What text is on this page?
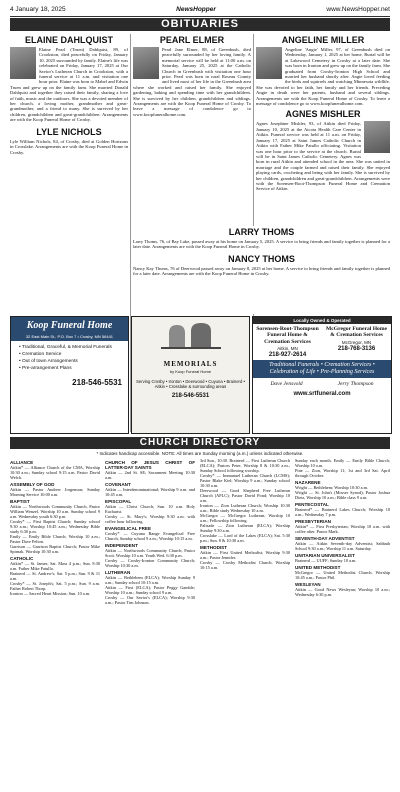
4 January 18, 2025	NewsHopper	www.NewsHopper.net
OBITUARIES
ELAINE DAHLQUIST
Elaine Pearl (Truen) Dahlquist, 89, of Crookston, died peacefully on Friday, January 10, 2025 surrounded by family. Elaine's life was celebrated on Friday, January 17, 2025 at Our Savior's Lutheran Church in Crookston, with a funeral service at 11 a.m. and visitation one hour prior. Elaine was born to Mabel and Edwin Truen and grew up on the family farm. She married Donald Dahlquist and together they raised their family, sharing a love of faith, music and the outdoors. She was a devoted member of her church, a loving mother, grandmother and great-grandmother, and a friend to many. She is survived by her children, grandchildren and great-grandchildren. Arrangements are with the Koop Funeral Home of Crosby.
LYLE NICHOLS
Lyle William Nichols, 84, of Crosby, died at Golden Horizons in Crosslake. Arrangements are with the Koop Funeral Home in Crosby.
PEARL ELMER
Pearl Jane Elmer, 88, of Greenbush, died peacefully surrounded by her loving family. A memorial service will be held at 11:00 a.m. on Saturday, January 25, 2025 at the Catholic Church in Greenbush with visitation one hour prior. Pearl was born in rural Roseau County and lived most of her life in the Greenbush area where she worked and raised her family. She enjoyed gardening, baking and spending time with her grandchildren. She is survived by her children, grandchildren and siblings. Arrangements are with the Koop Funeral Home of Crosby. To leave a message of condolence go to www.koopfuneralhome.com.
ANGELINE MILLER
Angeline 'Angie' Miller, 97, of Greenbush died on Wednesday, January 1, 2025 at her home. Burial will be at Lakewood Cemetery in Crosby at a later date. She was born in Ironton and grew up on the family farm. She graduated from Crosby-Ironton High School and married her husband shortly after. Angie loved feeding the birds and squirrels and watching Minnesota wildlife. She was devoted to her faith, her family and her friends. Preceding Angie in death were her parents, husband and several siblings. Arrangements are with the Koop Funeral Home of Crosby. To leave a message of condolence go to www.koopfuneralhome.com.
AGNES MISHLER
Agnes Josephine Mishler, 93, of Aitkin died Friday, January 10, 2025 at the Aicota Health Care Center in Aitkin. Funeral service was held at 11 a.m. on Friday, January 17, 2025 at Saint James Catholic Church in Aitkin with Father Mike Patullo officiating. Visitation was one hour prior to the service at the church. Burial will be in Saint James Catholic Cemetery. Agnes was born in rural Aitkin and attended school in the area. She was united in marriage and the couple farmed and raised their family. She enjoyed playing cards, crocheting and being with her family. She is survived by her children, grandchildren and great-grandchildren. Arrangements were with the Sorensen-Root-Thompson Funeral Home and Cremation Service of Aitkin.
LARRY THOMS
Larry Thoms, 76, of Bay Lake, passed away at his home on January 5, 2025. A service to bring friends and family together is planned for a later date. Arrangements are with the Koop Funeral Home in Crosby.
NANCY THOMS
Nancy Kay Thoms, 76 of Deerwood passed away on January 8, 2025 at her home. A service to bring friends and family together is planned for a later date. Arrangements are with the Koop Funeral Home in Crosby.
Koop Funeral Home
32 East Main St., P.O. Box 7 • Crosby, MN 56441
• Traditional, Graceful, & Memorial Funerals
• Cremation Service
• Out of town Arrangements
• Pre-arrangement Plans
218-546-5531
MEMORIALS
by Koop Funeral Home
Serving Crosby • Ironton • Deerwood • Cuyuna • Brainerd • Aitkin • Crosslake & surrounding areas
218-546-5531
Locally Owned & Operated
Sorensen-Root-Thompson Funeral Home & Cremation Services
Aitkin, MN
218-927-2614
McGregor Funeral Home & Cremation Services
McGregor, MN
218-768-3136
Traditional Funerals • Cremation Services • Celebration of Life • Pre-Planning Services
Dave Jensvold	Jerry Thompson
www.srtfuneral.com
CHURCH DIRECTORY
* Indicates handicap accessible. NOTE: All times are Sunday morning (a.m.) unless indicated otherwise.
ALLIANCE

Aitkin* — Alliance Church of the CMA, Worship 10:30 a.m.; Sunday school 9:15 a.m. Pastor David Welch.

ASSEMBLY OF GOD

Aitkin — Pastor Andrew Jorgenson; Sunday Morning Service 10:00 a.m.

BAPTIST

Aitkin — Northwoods Community Church, Pastor William Wenzel. Worship 10 a.m. Sunday school 9 a.m. Wednesday youth 6:30 p.m.

Crosby* — First Baptist Church; Sunday school 9:30 a.m.; Worship 10:45 a.m.; Wednesday Bible study 6:30 p.m.

Emily — Emily Bible Church; Worship 10 a.m.; Pastor Dave Pelton.

Garrison — Garrison Baptist Church; Pastor Mike Spirnak. Worship 10:30 a.m.

CATHOLIC

Aitkin* — St. James; Sat. Mass 4 p.m.; Sun. 8:30 a.m. Father Mike Patullo.

Brainerd — St. Andrew's; Sat. 5 p.m.; Sun. 9 & 11 a.m.

Crosby* — St. Joseph's; Sat. 5 p.m.; Sun. 9 a.m. Father Robert Thorp.

Ironton — Sacred Heart Mission; Sun. 10 a.m.

CHURCH OF JESUS CHRIST OF LATTER-DAY SAINTS

Aitkin — 2nd St. SE; Sacrament Meeting 10:30 a.m.

COVENANT

Aitkin — Interdenominational; Worship 9 a.m. and 10:45 a.m.

EPISCOPAL

Aitkin — Christ Church; Sun. 10 a.m. Holy Eucharist.

Crosby — St. Mary's; Worship 9:30 a.m. with coffee hour following.

EVANGELICAL FREE

Crosby* — Cuyuna Range Evangelical Free Church; Sunday school 9 a.m.; Worship 10:15 a.m.

INDEPENDENT

Aitkin — Northwoods Community Church; Pastor Scott. Worship 10 a.m. Youth Wed. 6:30 p.m.

Crosby — Crosby-Ironton Community Church; Worship 10:30 a.m.

LUTHERAN

Aitkin — Bethlehem (ELCA); Worship Sunday 9 a.m.; Sunday school 10:15 a.m.

Aitkin — First (ELCA); Pastor Peggy Gamble; Worship 10 a.m.; Sunday school 9 a.m.

Crosby — Our Savior's (ELCA); Worship 9:30 a.m.; Pastor Tim Johnson.

3rd Sun., 10:30. Brainerd — First Lutheran Church (ELCA); Pastors Peter, Worship 8 & 10:30 a.m.; Sunday School following worship.

Crosby* — Immanuel Lutheran Church (LCMS); Pastor Blake Kiel; Worship 9 a.m.; Sunday school 10:30 a.m.

Deerwood — Good Shepherd Free Lutheran Church (AFLC); Pastor David Pond; Worship 10 a.m.

Ironton — Zion Lutheran Church; Worship 10:30 a.m.; Bible study Wednesday 10 a.m.

McGregor — McGregor Lutheran; Worship 10 a.m.; Fellowship following.

Palisade — Zion Lutheran (ELCA); Worship Sunday 9:30 a.m.

Crosslake — Lord of the Lakes (ELCA); Sat. 5:30 p.m.; Sun. 8 & 10:30 a.m.

METHODIST

Aitkin — First United Methodist; Worship 9:30 a.m.; Pastor Jennifer.

Crosby — Crosby Methodist Church; Worship 10:15 a.m.

Sunday each month. Emily — Emily Bible Church; Worship 10 a.m.

Pine — Zion, Worship 11; 1st and 3rd Sat. April through October.

NAZARENE

Wright — Bethlehem; Worship 10:30 a.m.

Wright — St. John's (Mosser Synod); Pastor Joshua Dietz, Worship 10 a.m.; Bible class 9 a.m.

PENTECOSTAL

Brainerd* — Brainerd Lakes Church; Worship 10 a.m.; Wednesday 7 p.m.

PRESBYTERIAN

Aitkin* — First Presbyterian; Worship 10 a.m. with coffee after. Pastor Mark.

SEVENTH-DAY ADVENTIST

Aitkin — Aitkin Seventh-day Adventist; Sabbath School 9:30 a.m.; Worship 11 a.m. Saturday.

UNITARIAN UNIVERSALIST

Brainerd — UUFF; Sunday 10 a.m.

UNITED METHODIST

McGregor — United Methodist Church; Worship 10:45 a.m.; Pastor Phil.

WESLEYAN

Aitkin — Good News Wesleyan; Worship 10 a.m.; Wednesday 6:30 p.m.
